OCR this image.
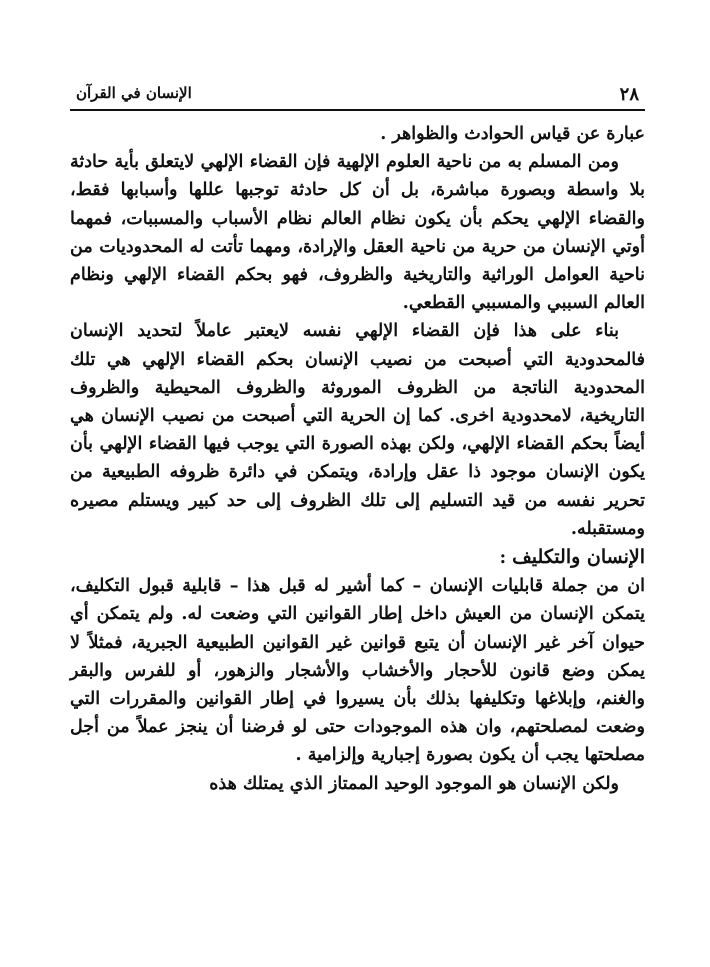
٢٨
الإنسان في القرآن

عبارة عن قياس الحوادث والظواهر .

ومن المسلم به من ناحية العلوم الإلهية فإن القضاء الإلهي لايتعلق بأية حادثة بلا واسطة وبصورة مباشرة، بل أن كل حادثة توجبها عللها وأسبابها فقط، والقضاء الإلهي يحكم بأن يكون نظام العالم نظام الأسباب والمسببات، فمهما أوتي الإنسان من حرية من ناحية العقل والإرادة، ومهما تأتت له المحدوديات من ناحية العوامل الوراثية والتاريخية والظروف، فهو بحكم القضاء الإلهي ونظام العالم السببي والمسببي القطعي.

بناء على هذا فإن القضاء الإلهي نفسه لايعتبر عاملاً لتحديد الإنسان فالمحدودية التي أصبحت من نصيب الإنسان بحكم القضاء الإلهي هي تلك المحدودية الناتجة من الظروف الموروثة والظروف المحيطية والظروف التاريخية، لامحدودية اخرى. كما إن الحرية التي أصبحت من نصيب الإنسان هي أيضاً بحكم القضاء الإلهي، ولكن بهذه الصورة التي يوجب فيها القضاء الإلهي بأن يكون الإنسان موجود ذا عقل وإرادة، ويتمكن في دائرة ظروفه الطبيعية من تحرير نفسه من قيد التسليم إلى تلك الظروف إلى حد كبير ويستلم مصيره ومستقبله.

الإنسان والتكليف :

ان من جملة قابليات الإنسان – كما أشير له قبل هذا – قابلية قبول التكليف، يتمكن الإنسان من العيش داخل إطار القوانين التي وضعت له. ولم يتمكن أي حيوان آخر غير الإنسان أن يتبع قوانين غير القوانين الطبيعية الجبرية، فمثلاً لا يمكن وضع قانون للأحجار والأخشاب والأشجار والزهور، أو للفرس والبقر والغنم، وإبلاغها وتكليفها بذلك بأن يسيروا في إطار القوانين والمقررات التي وضعت لمصلحتهم، وان هذه الموجودات حتى لو فرضنا أن ينجز عملاً من أجل مصلحتها يجب أن يكون بصورة إجبارية وإلزامية .

ولكن الإنسان هو الموجود الوحيد الممتاز الذي يمتلك هذه
